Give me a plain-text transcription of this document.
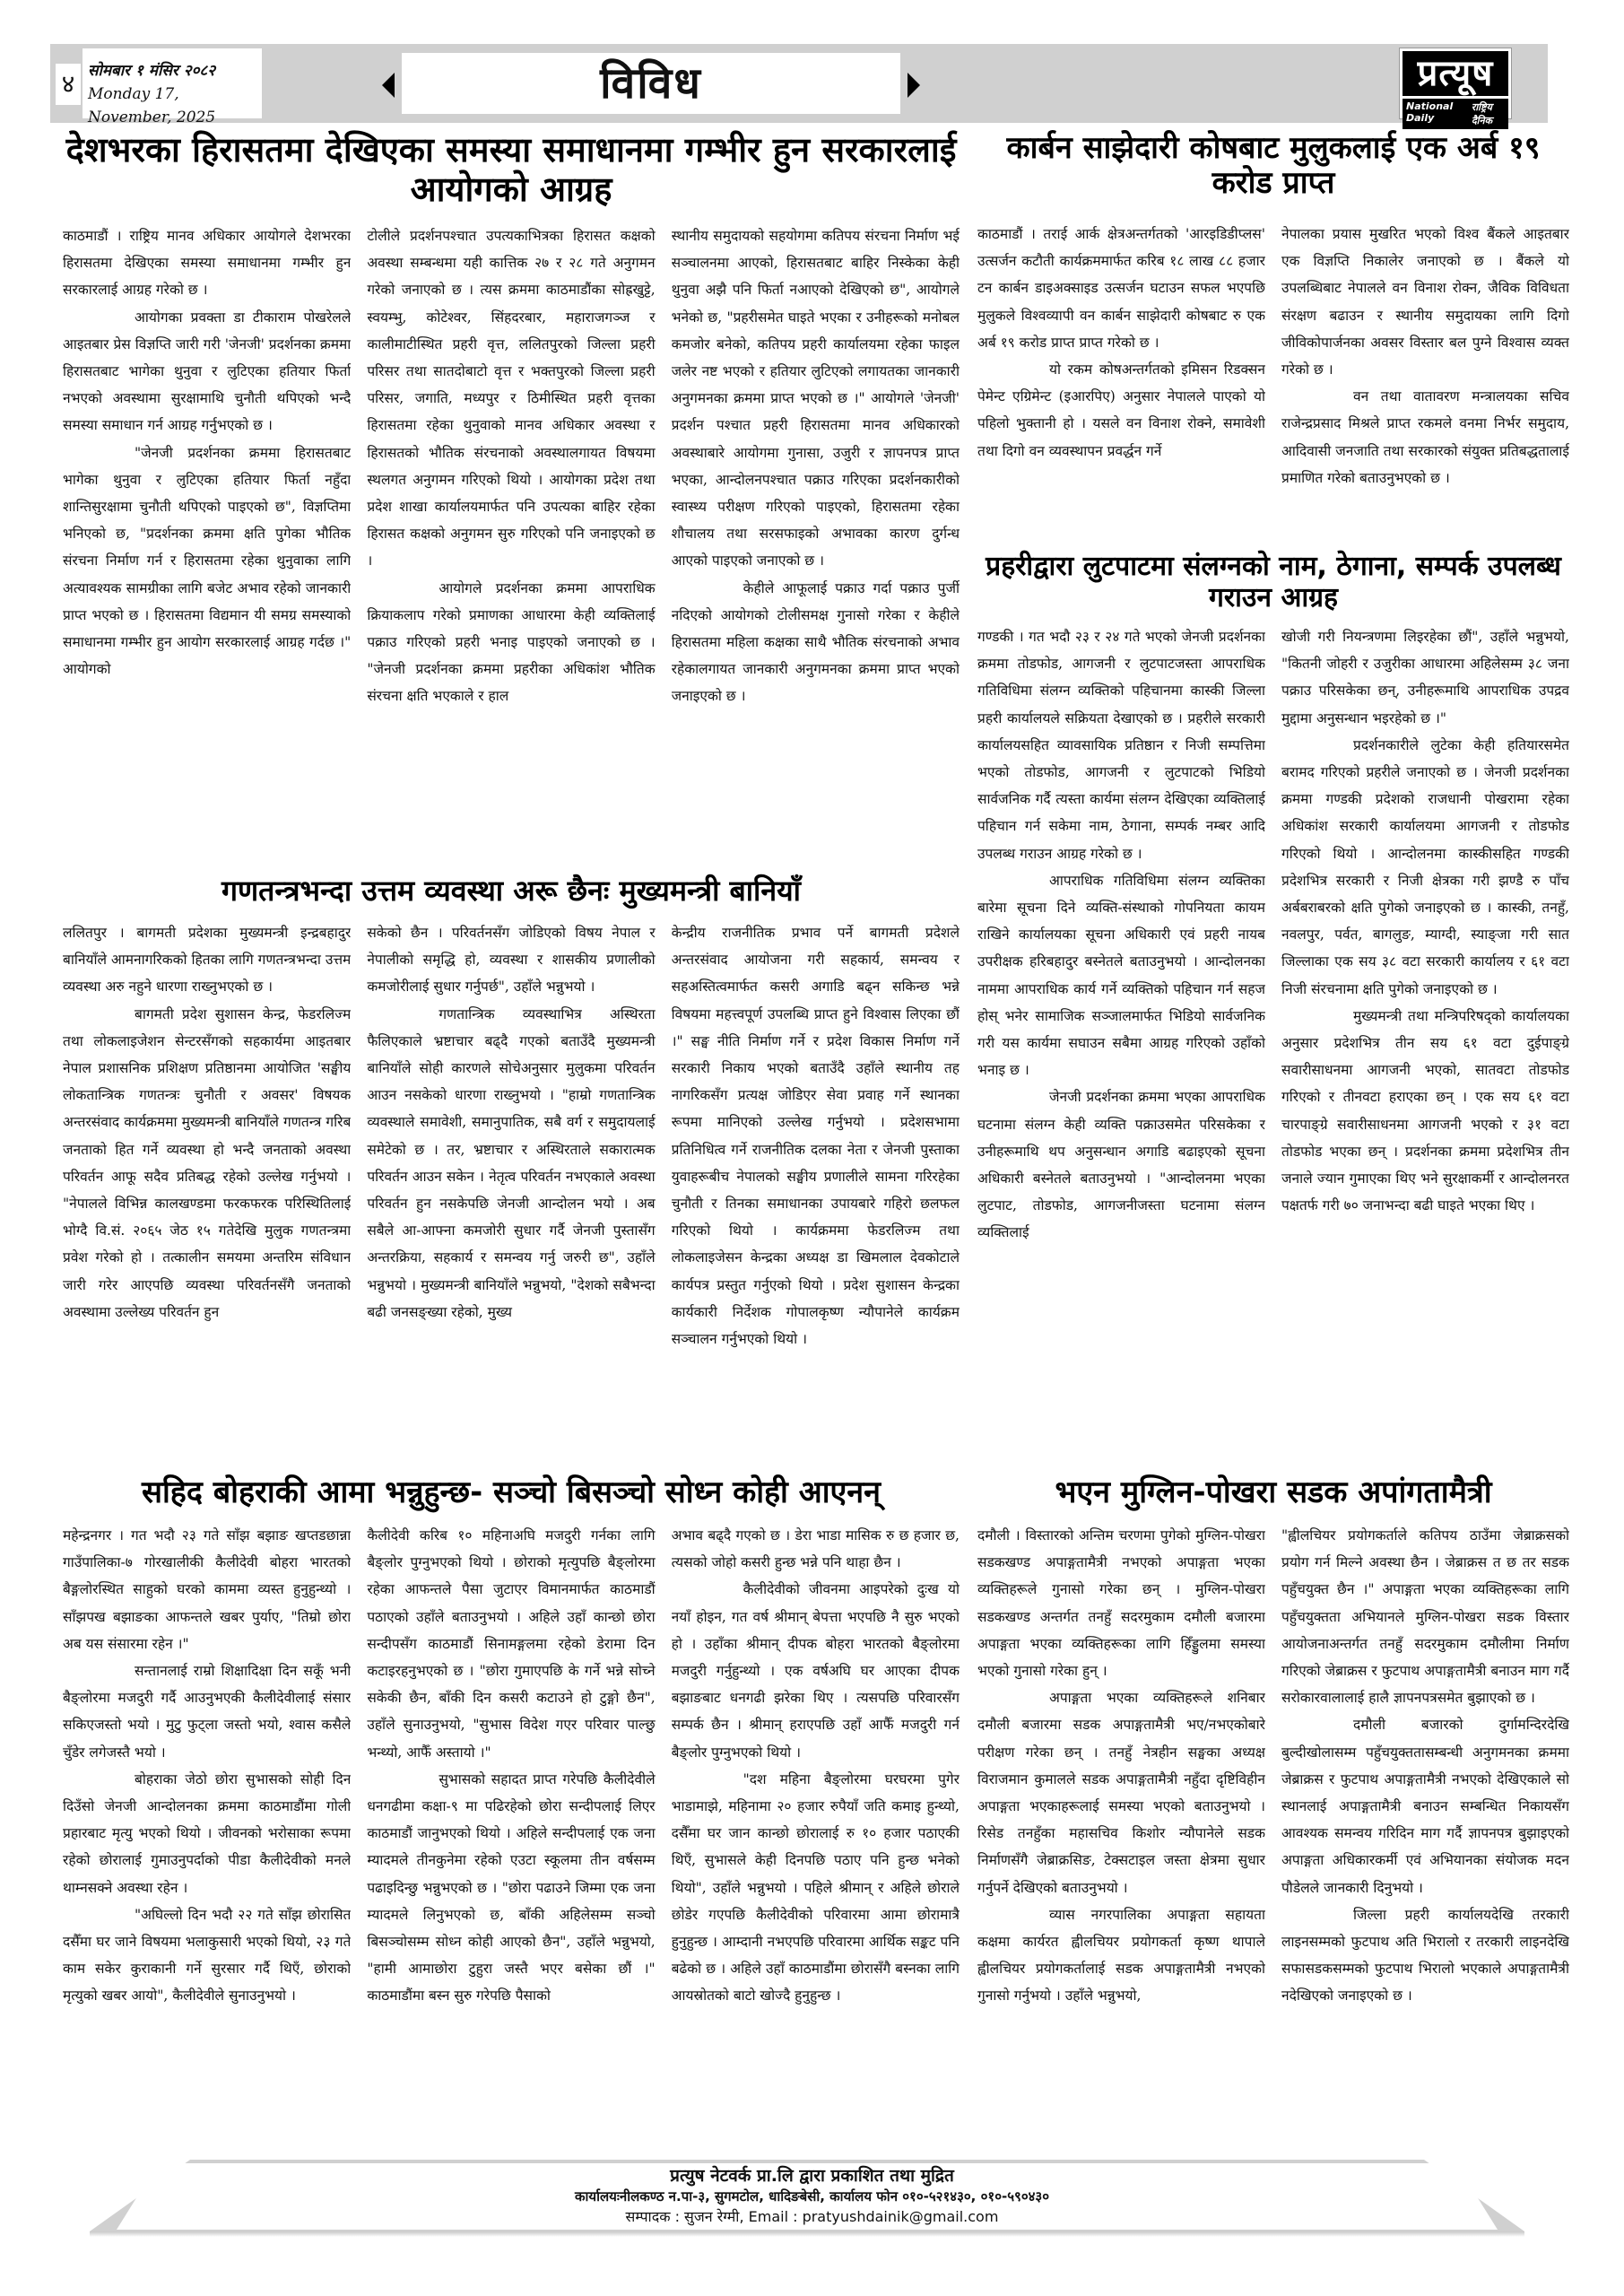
४ सोमबार १ मंसिर २०८२
Monday 17, November, 2025
विविध	प्रत्यूष
National Daily
राष्ट्रिय दैनिक
देशभरका हिरासतमा देखिएका समस्या समाधानमा गम्भीर हुन सरकारलाई आयोगको आग्रह

काठमाडौं । राष्ट्रिय मानव अधिकार आयोगले देशभरका हिरासतमा देखिएका समस्या समाधानमा गम्भीर हुन सरकारलाई आग्रह गरेको छ ।

आयोगका प्रवक्ता डा टीकाराम पोखरेलले आइतबार प्रेस विज्ञप्ति जारी गरी 'जेनजी' प्रदर्शनका क्रममा हिरासतबाट भागेका थुनुवा र लुटिएका हतियार फिर्ता नभएको अवस्थामा सुरक्षामाथि चुनौती थपिएको भन्दै समस्या समाधान गर्न आग्रह गर्नुभएको छ ।

"जेनजी प्रदर्शनका क्रममा हिरासतबाट भागेका थुनुवा र लुटिएका हतियार फिर्ता नहुँदा शान्तिसुरक्षामा चुनौती थपिएको पाइएको छ", विज्ञप्तिमा भनिएको छ, "प्रदर्शनका क्रममा क्षति पुगेका भौतिक संरचना निर्माण गर्न र हिरासतमा रहेका थुनुवाका लागि अत्यावश्यक सामग्रीका लागि बजेट अभाव रहेको जानकारी प्राप्त भएको छ । हिरासतमा विद्यमान यी समग्र समस्याको समाधानमा गम्भीर हुन आयोग सरकारलाई आग्रह गर्दछ ।" आयोगको

टोलीले प्रदर्शनपश्चात उपत्यकाभित्रका हिरासत कक्षको अवस्था सम्बन्धमा यही कात्तिक २७ र २८ गते अनुगमन गरेको जनाएको छ । त्यस क्रममा काठमाडौंका सोह्रखुट्टे, स्वयम्भु, कोटेश्वर, सिंहदरबार, महाराजगञ्ज र कालीमाटीस्थित प्रहरी वृत्त, ललितपुरको जिल्ला प्रहरी परिसर तथा सातदोबाटो वृत्त र भक्तपुरको जिल्ला प्रहरी परिसर, जगाति, मध्यपुर र ठिमीस्थित प्रहरी वृत्तका हिरासतमा रहेका थुनुवाको मानव अधिकार अवस्था र हिरासतको भौतिक संरचनाको अवस्थालगायत विषयमा स्थलगत अनुगमन गरिएको थियो । आयोगका प्रदेश तथा प्रदेश शाखा कार्यालयमार्फत पनि उपत्यका बाहिर रहेका हिरासत कक्षको अनुगमन सुरु गरिएको पनि जनाइएको छ ।

आयोगले प्रदर्शनका क्रममा आपराधिक क्रियाकलाप गरेको प्रमाणका आधारमा केही व्यक्तिलाई पक्राउ गरिएको प्रहरी भनाइ पाइएको जनाएको छ । "जेनजी प्रदर्शनका क्रममा प्रहरीका अधिकांश भौतिक संरचना क्षति भएकाले र हाल

स्थानीय समुदायको सहयोगमा कतिपय संरचना निर्माण भई सञ्चालनमा आएको, हिरासतबाट बाहिर निस्केका केही थुनुवा अझै पनि फिर्ता नआएको देखिएको छ", आयोगले भनेको छ, "प्रहरीसमेत घाइते भएका र उनीहरूको मनोबल कमजोर बनेको, कतिपय प्रहरी कार्यालयमा रहेका फाइल जलेर नष्ट भएको र हतियार लुटिएको लगायतका जानकारी अनुगमनका क्रममा प्राप्त भएको छ ।" आयोगले 'जेनजी' प्रदर्शन पश्चात प्रहरी हिरासतमा मानव अधिकारको अवस्थाबारे आयोगमा गुनासा, उजुरी र ज्ञापनपत्र प्राप्त भएका, आन्दोलनपश्चात पक्राउ गरिएका प्रदर्शनकारीको स्वास्थ्य परीक्षण गरिएको पाइएको, हिरासतमा रहेका शौचालय तथा सरसफाइको अभावका कारण दुर्गन्ध आएको पाइएको जनाएको छ ।

केहीले आफूलाई पक्राउ गर्दा पक्राउ पुर्जी नदिएको आयोगको टोलीसमक्ष गुनासो गरेका र केहीले हिरासतमा महिला कक्षका साथै भौतिक संरचनाको अभाव रहेकालगायत जानकारी अनुगमनका क्रममा प्राप्त भएको जनाइएको छ ।

कार्बन साझेदारी कोषबाट मुलुकलाई एक अर्ब १९ करोड प्राप्त

काठमाडौं । तराई आर्क क्षेत्रअन्तर्गतको 'आरइडिडीप्लस' उत्सर्जन कटौती कार्यक्रममार्फत करिब १८ लाख ८८ हजार टन कार्बन डाइअक्साइड उत्सर्जन घटाउन सफल भएपछि मुलुकले विश्वव्यापी वन कार्बन साझेदारी कोषबाट रु एक अर्ब १९ करोड प्राप्त प्राप्त गरेको छ ।

यो रकम कोषअन्तर्गतको इमिसन रिडक्सन पेमेन्ट एग्रिमेन्ट (इआरपिए) अनुसार नेपालले पाएको यो पहिलो भुक्तानी हो । यसले वन विनाश रोक्ने, समावेशी तथा दिगो वन व्यवस्थापन प्रवर्द्धन गर्ने

नेपालका प्रयास मुखरित भएको विश्व बैंकले आइतबार एक विज्ञप्ति निकालेर जनाएको छ । बैंकले यो उपलब्धिबाट नेपालले वन विनाश रोक्न, जैविक विविधता संरक्षण बढाउन र स्थानीय समुदायका लागि दिगो जीविकोपार्जनका अवसर विस्तार बल पुग्ने विश्वास व्यक्त गरेको छ ।

वन तथा वातावरण मन्त्रालयका सचिव राजेन्द्रप्रसाद मिश्रले प्राप्त रकमले वनमा निर्भर समुदाय, आदिवासी जनजाति तथा सरकारको संयुक्त प्रतिबद्धतालाई प्रमाणित गरेको बताउनुभएको छ ।

प्रहरीद्वारा लुटपाटमा संलग्नको नाम, ठेगाना, सम्पर्क उपलब्ध गराउन आग्रह

गण्डकी । गत भदौ २३ र २४ गते भएको जेनजी प्रदर्शनका क्रममा तोडफोड, आगजनी र लुटपाटजस्ता आपराधिक गतिविधिमा संलग्न व्यक्तिको पहिचानमा कास्की जिल्ला प्रहरी कार्यालयले सक्रियता देखाएको छ । प्रहरीले सरकारी कार्यालयसहित व्यावसायिक प्रतिष्ठान र निजी सम्पत्तिमा भएको तोडफोड, आगजनी र लुटपाटको भिडियो सार्वजनिक गर्दै त्यस्ता कार्यमा संलग्न देखिएका व्यक्तिलाई पहिचान गर्न सकेमा नाम, ठेगाना, सम्पर्क नम्बर आदि उपलब्ध गराउन आग्रह गरेको छ ।

आपराधिक गतिविधिमा संलग्न व्यक्तिका बारेमा सूचना दिने व्यक्ति-संस्थाको गोपनियता कायम राखिने कार्यालयका सूचना अधिकारी एवं प्रहरी नायब उपरीक्षक हरिबहादुर बस्नेतले बताउनुभयो । आन्दोलनका नाममा आपराधिक कार्य गर्ने व्यक्तिको पहिचान गर्न सहज होस् भनेर सामाजिक सञ्जालमार्फत भिडियो सार्वजनिक गरी यस कार्यमा सघाउन सबैमा आग्रह गरिएको उहाँको भनाइ छ ।

जेनजी प्रदर्शनका क्रममा भएका आपराधिक घटनामा संलग्न केही व्यक्ति पक्राउसमेत परिसकेका र उनीहरूमाथि थप अनुसन्धान अगाडि बढाइएको सूचना अधिकारी बस्नेतले बताउनुभयो । "आन्दोलनमा भएका लुटपाट, तोडफोड, आगजनीजस्ता घटनामा संलग्न व्यक्तिलाई

खोजी गरी नियन्त्रणमा लिइरहेका छौं", उहाँले भन्नुभयो, "कितनी जोहरी र उजुरीका आधारमा अहिलेसम्म ३८ जना पक्राउ परिसकेका छन्, उनीहरूमाथि आपराधिक उपद्रव मुद्दामा अनुसन्धान भइरहेको छ ।"

प्रदर्शनकारीले लुटेका केही हतियारसमेत बरामद गरिएको प्रहरीले जनाएको छ । जेनजी प्रदर्शनका क्रममा गण्डकी प्रदेशको राजधानी पोखरामा रहेका अधिकांश सरकारी कार्यालयमा आगजनी र तोडफोड गरिएको थियो । आन्दोलनमा कास्कीसहित गण्डकी प्रदेशभित्र सरकारी र निजी क्षेत्रका गरी झण्डै रु पाँच अर्बबराबरको क्षति पुगेको जनाइएको छ । कास्की, तनहुँ, नवलपुर, पर्वत, बागलुङ, म्याग्दी, स्याङ्जा गरी सात जिल्लाका एक सय ३८ वटा सरकारी कार्यालय र ६१ वटा निजी संरचनामा क्षति पुगेको जनाइएको छ ।

मुख्यमन्त्री तथा मन्त्रिपरिषद्को कार्यालयका अनुसार प्रदेशभित्र तीन सय ६१ वटा दुईपाङ्ग्रे सवारीसाधनमा आगजनी भएको, सातवटा तोडफोड गरिएको र तीनवटा हराएका छन् । एक सय ६१ वटा चारपाङ्ग्रे सवारीसाधनमा आगजनी भएको र ३१ वटा तोडफोड भएका छन् । प्रदर्शनका क्रममा प्रदेशभित्र तीन जनाले ज्यान गुमाएका थिए भने सुरक्षाकर्मी र आन्दोलनरत पक्षतर्फ गरी ७० जनाभन्दा बढी घाइते भएका थिए ।

गणतन्त्रभन्दा उत्तम व्यवस्था अरू छैनः मुख्यमन्त्री बानियाँ

ललितपुर । बागमती प्रदेशका मुख्यमन्त्री इन्द्रबहादुर बानियाँले आमनागरिकको हितका लागि गणतन्त्रभन्दा उत्तम व्यवस्था अरु नहुने धारणा राख्नुभएको छ ।

बागमती प्रदेश सुशासन केन्द्र, फेडरलिज्म तथा लोकलाइजेशन सेन्टरसँगको सहकार्यमा आइतबार नेपाल प्रशासनिक प्रशिक्षण प्रतिष्ठानमा आयोजित 'सङ्घीय लोकतान्त्रिक गणतन्त्रः चुनौती र अवसर' विषयक अन्तरसंवाद कार्यक्रममा मुख्यमन्त्री बानियाँले गणतन्त्र गरिब जनताको हित गर्ने व्यवस्था हो भन्दै जनताको अवस्था परिवर्तन आफू सदैव प्रतिबद्ध रहेको उल्लेख गर्नुभयो । "नेपालले विभिन्न कालखण्डमा फरकफरक परिस्थितिलाई भोग्दै वि.सं. २०६५ जेठ १५ गतेदेखि मुलुक गणतन्त्रमा प्रवेश गरेको हो । तत्कालीन समयमा अन्तरिम संविधान जारी गरेर आएपछि व्यवस्था परिवर्तनसँगै जनताको अवस्थामा उल्लेख्य परिवर्तन हुन

सकेको छैन । परिवर्तनसँग जोडिएको विषय नेपाल र नेपालीको समृद्धि हो, व्यवस्था र शासकीय प्रणालीको कमजोरीलाई सुधार गर्नुपर्छ", उहाँले भन्नुभयो ।

गणतान्त्रिक व्यवस्थाभित्र अस्थिरता फैलिएकाले भ्रष्टाचार बढ्दै गएको बताउँदै मुख्यमन्त्री बानियाँले सोही कारणले सोचेअनुसार मुलुकमा परिवर्तन आउन नसकेको धारणा राख्नुभयो । "हाम्रो गणतान्त्रिक व्यवस्थाले समावेशी, समानुपातिक, सबै वर्ग र समुदायलाई समेटेको छ । तर, भ्रष्टाचार र अस्थिरताले सकारात्मक परिवर्तन आउन सकेन । नेतृत्व परिवर्तन नभएकाले अवस्था परिवर्तन हुन नसकेपछि जेनजी आन्दोलन भयो । अब सबैले आ-आफ्ना कमजोरी सुधार गर्दै जेनजी पुस्तासँग अन्तरक्रिया, सहकार्य र समन्वय गर्नु जरुरी छ", उहाँले भन्नुभयो । मुख्यमन्त्री बानियाँले भन्नुभयो, "देशको सबैभन्दा बढी जनसङ्ख्या रहेको, मुख्य

केन्द्रीय राजनीतिक प्रभाव पर्ने बागमती प्रदेशले अन्तरसंवाद आयोजना गरी सहकार्य, समन्वय र सहअस्तित्वमार्फत कसरी अगाडि बढ्न सकिन्छ भन्ने विषयमा महत्त्वपूर्ण उपलब्धि प्राप्त हुने विश्वास लिएका छौं ।" सङ्घ नीति निर्माण गर्ने र प्रदेश विकास निर्माण गर्ने सरकारी निकाय भएको बताउँदै उहाँले स्थानीय तह नागरिकसँग प्रत्यक्ष जोडिएर सेवा प्रवाह गर्ने स्थानका रूपमा मानिएको उल्लेख गर्नुभयो । प्रदेशसभामा प्रतिनिधित्व गर्ने राजनीतिक दलका नेता र जेनजी पुस्ताका युवाहरूबीच नेपालको सङ्घीय प्रणालीले सामना गरिरहेका चुनौती र तिनका समाधानका उपायबारे गहिरो छलफल गरिएको थियो । कार्यक्रममा फेडरलिज्म तथा लोकलाइजेसन केन्द्रका अध्यक्ष डा खिमलाल देवकोटाले कार्यपत्र प्रस्तुत गर्नुएको थियो । प्रदेश सुशासन केन्द्रका कार्यकारी निर्देशक गोपालकृष्ण न्यौपानेले कार्यक्रम सञ्चालन गर्नुभएको थियो ।

सहिद बोहराकी आमा भन्नुहुन्छ- सञ्चो बिसञ्चो सोध्न कोही आएनन्

महेन्द्रनगर । गत भदौ २३ गते साँझ बझाङ खप्तडछान्ना गाउँपालिका-७ गोरखालीकी कैलीदेवी बोहरा भारतको बैङ्गलोरस्थित साहुको घरको काममा व्यस्त हुनुहुन्थ्यो । साँझपख बझाङका आफन्तले खबर पुर्याए, "तिम्रो छोरा अब यस संसारमा रहेन ।"

सन्तानलाई राम्रो शिक्षादिक्षा दिन सकूँ भनी बैङ्लोरमा मजदुरी गर्दै आउनुभएकी कैलीदेवीलाई संसार सकिएजस्तो भयो । मुटु फुट्ला जस्तो भयो, श्वास कसैले चुँडेर लगेजस्तै भयो ।

बोहराका जेठो छोरा सुभासको सोही दिन दिउँसो जेनजी आन्दोलनका क्रममा काठमाडौंमा गोली प्रहारबाट मृत्यु भएको थियो । जीवनको भरोसाका रूपमा रहेको छोरालाई गुमाउनुपर्दाको पीडा कैलीदेवीको मनले थाम्नसक्ने अवस्था रहेन ।

"अघिल्लो दिन भदौ २२ गते साँझ छोरासित दसैँमा घर जाने विषयमा भलाकुसारी भएको थियो, २३ गते काम सकेर कुराकानी गर्ने सुरसार गर्दै थिएँ, छोराको मृत्युको खबर आयो", कैलीदेवीले सुनाउनुभयो ।

कैलीदेवी करिब १० महिनाअघि मजदुरी गर्नका लागि बैङ्लोर पुग्नुभएको थियो । छोराको मृत्युपछि बैङ्लोरमा रहेका आफन्तले पैसा जुटाएर विमानमार्फत काठमाडौं पठाएको उहाँले बताउनुभयो । अहिले उहाँ कान्छो छोरा सन्दीपसँग काठमाडौं सिनामङ्गलमा रहेको डेरामा दिन कटाइरहनुभएको छ । "छोरा गुमाएपछि के गर्ने भन्ने सोच्ने सकेकी छैन, बाँकी दिन कसरी कटाउने हो टुङ्गो छैन", उहाँले सुनाउनुभयो, "सुभास विदेश गएर परिवार पाल्छु भन्थ्यो, आफैँ अस्तायो ।"

सुभासको सहादत प्राप्त गरेपछि कैलीदेवीले धनगढीमा कक्षा-९ मा पढिरहेको छोरा सन्दीपलाई लिएर काठमाडौं जानुभएको थियो । अहिले सन्दीपलाई एक जना म्यादमले तीनकुनेमा रहेको एउटा स्कूलमा तीन वर्षसम्म पढाइदिन्छु भन्नुभएको छ । "छोरा पढाउने जिम्मा एक जना म्यादमले लिनुभएको छ, बाँकी अहिलेसम्म सञ्चो बिसञ्चोसम्म सोध्न कोही आएको छैन", उहाँले भन्नुभयो, "हामी आमाछोरा टुहुरा जस्तै भएर बसेका छौं ।" काठमाडौंमा बस्न सुरु गरेपछि पैसाको

अभाव बढ्दै गएको छ । डेरा भाडा मासिक रु छ हजार छ, त्यसको जोहो कसरी हुन्छ भन्ने पनि थाहा छैन ।

कैलीदेवीको जीवनमा आइपरेको दुःख यो नयाँ होइन, गत वर्ष श्रीमान् बेपत्ता भएपछि नै सुरु भएको हो । उहाँका श्रीमान् दीपक बोहरा भारतको बैङ्लोरमा मजदुरी गर्नुहुन्थ्यो । एक वर्षअघि घर आएका दीपक बझाङबाट धनगढी झरेका थिए । त्यसपछि परिवारसँग सम्पर्क छैन । श्रीमान् हराएपछि उहाँ आफैँ मजदुरी गर्न बैङ्लोर पुग्नुभएको थियो ।

"दश महिना बैङ्लोरमा घरघरमा पुगेर भाडामाझे, महिनामा २० हजार रुपैयाँ जति कमाइ हुन्थ्यो, दसैँमा घर जान कान्छो छोरालाई रु १० हजार पठाएकी थिएँ, सुभासले केही दिनपछि पठाए पनि हुन्छ भनेको थियो", उहाँले भन्नुभयो । पहिले श्रीमान् र अहिले छोराले छोडेर गएपछि कैलीदेवीको परिवारमा आमा छोरामात्रै हुनुहुन्छ । आम्दानी नभएपछि परिवारमा आर्थिक सङ्कट पनि बढेको छ । अहिले उहाँ काठमाडौंमा छोरासँगै बस्नका लागि आयस्रोतको बाटो खोज्दै हुनुहुन्छ ।

भएन मुग्लिन-पोखरा सडक अपांगतामैत्री

दमौली । विस्तारको अन्तिम चरणमा पुगेको मुग्लिन-पोखरा सडकखण्ड अपाङ्गतामैत्री नभएको अपाङ्गता भएका व्यक्तिहरूले गुनासो गरेका छन् । मुग्लिन-पोखरा सडकखण्ड अन्तर्गत तनहुँ सदरमुकाम दमौली बजारमा अपाङ्गता भएका व्यक्तिहरूका लागि हिँड्डुलमा समस्या भएको गुनासो गरेका हुन् ।

अपाङ्गता भएका व्यक्तिहरूले शनिबार दमौली बजारमा सडक अपाङ्गतामैत्री भए/नभएकोबारे परीक्षण गरेका छन् । तनहुँ नेत्रहीन सङ्घका अध्यक्ष विराजमान कुमालले सडक अपाङ्गतामैत्री नहुँदा दृष्टिविहीन अपाङ्गता भएकाहरूलाई समस्या भएको बताउनुभयो । रिसेड तनहुँका महासचिव किशोर न्यौपानेले सडक निर्माणसँगै जेब्राक्रसिङ, टेक्सटाइल जस्ता क्षेत्रमा सुधार गर्नुपर्ने देखिएको बताउनुभयो ।

व्यास नगरपालिका अपाङ्गता सहायता कक्षमा कार्यरत ह्वीलचियर प्रयोगकर्ता कृष्ण थापाले ह्वीलचियर प्रयोगकर्तालाई सडक अपाङ्गतामैत्री नभएको गुनासो गर्नुभयो । उहाँले भन्नुभयो,

"ह्वीलचियर प्रयोगकर्ताले कतिपय ठाउँमा जेब्राक्रसको प्रयोग गर्न मिल्ने अवस्था छैन । जेब्राक्रस त छ तर सडक पहुँचयुक्त छैन ।" अपाङ्गता भएका व्यक्तिहरूका लागि पहुँचयुक्तता अभियानले मुग्लिन-पोखरा सडक विस्तार आयोजनाअन्तर्गत तनहुँ सदरमुकाम दमौलीमा निर्माण गरिएको जेब्राक्रस र फुटपाथ अपाङ्गतामैत्री बनाउन माग गर्दै सरोकारवालालाई हालै ज्ञापनपत्रसमेत बुझाएको छ ।

दमौली बजारको दुर्गामन्दिरदेखि बुल्दीखोलासम्म पहुँचयुक्ततासम्बन्धी अनुगमनका क्रममा जेब्राक्रस र फुटपाथ अपाङ्गतामैत्री नभएको देखिएकाले सो स्थानलाई अपाङ्गतामैत्री बनाउन सम्बन्धित निकायसँग आवश्यक समन्वय गरिदिन माग गर्दै ज्ञापनपत्र बुझाइएको अपाङ्गता अधिकारकर्मी एवं अभियानका संयोजक मदन पौडेलले जानकारी दिनुभयो ।

जिल्ला प्रहरी कार्यालयदेखि तरकारी लाइनसम्मको फुटपाथ अति भिरालो र तरकारी लाइनदेखि सफासडकसम्मको फुटपाथ भिरालो भएकाले अपाङ्गतामैत्री नदेखिएको जनाइएको छ ।

प्रत्युष नेटवर्क प्रा.लि द्वारा प्रकाशित तथा मुद्रित
कार्यालयःनीलकण्ठ न.पा-३, सुगमटोल, धादिङबेसी, कार्यालय फोन ०१०-५२१४३०, ०१०-५९०४३०
सम्पादक : सुजन रेग्मी, Email : pratyushdainik@gmail.com
